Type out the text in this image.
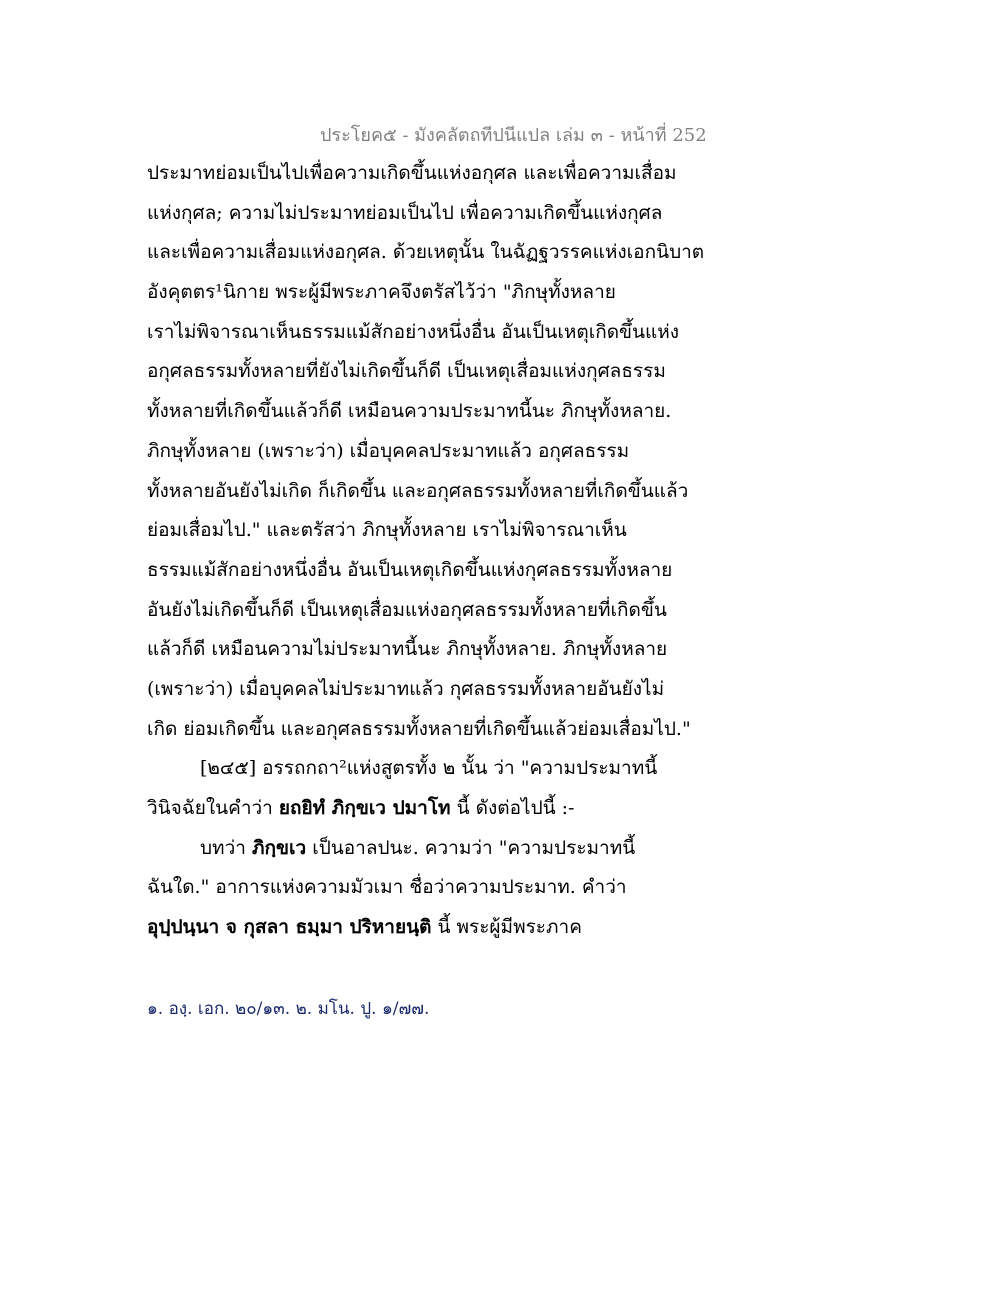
ประโยค๕ - มังคลัตถทีปนีแปล เล่ม ๓ - หน้าที่ 252
ประมาทย่อมเป็นไปเพื่อความเกิดขึ้นแห่งอกุศล และเพื่อความเสื่อม
แห่งกุศล; ความไม่ประมาทย่อมเป็นไป เพื่อความเกิดขึ้นแห่งกุศล
และเพื่อความเสื่อมแห่งอกุศล. ด้วยเหตุนั้น ในฉัฏฐวรรคแห่งเอกนิบาต
อังคุตตร¹นิกาย พระผู้มีพระภาคจึงตรัสไว้ว่า "ภิกษุทั้งหลาย
เราไม่พิจารณาเห็นธรรมแม้สักอย่างหนึ่งอื่น อันเป็นเหตุเกิดขึ้นแห่ง
อกุศลธรรมทั้งหลายที่ยังไม่เกิดขึ้นก็ดี เป็นเหตุเสื่อมแห่งกุศลธรรม
ทั้งหลายที่เกิดขึ้นแล้วก็ดี เหมือนความประมาทนี้นะ ภิกษุทั้งหลาย.
ภิกษุทั้งหลาย (เพราะว่า) เมื่อบุคคลประมาทแล้ว อกุศลธรรม
ทั้งหลายอันยังไม่เกิด ก็เกิดขึ้น และอกุศลธรรมทั้งหลายที่เกิดขึ้นแล้ว
ย่อมเสื่อมไป." และตรัสว่า ภิกษุทั้งหลาย เราไม่พิจารณาเห็น
ธรรมแม้สักอย่างหนึ่งอื่น อันเป็นเหตุเกิดขึ้นแห่งกุศลธรรมทั้งหลาย
อันยังไม่เกิดขึ้นก็ดี เป็นเหตุเสื่อมแห่งอกุศลธรรมทั้งหลายที่เกิดขึ้น
แล้วก็ดี เหมือนความไม่ประมาทนี้นะ ภิกษุทั้งหลาย. ภิกษุทั้งหลาย
(เพราะว่า) เมื่อบุคคลไม่ประมาทแล้ว กุศลธรรมทั้งหลายอันยังไม่
เกิด ย่อมเกิดขึ้น และอกุศลธรรมทั้งหลายที่เกิดขึ้นแล้วย่อมเสื่อมไป."
[๒๔๕] อรรถกถา²แห่งสูตรทั้ง ๒ นั้น ว่า "ความประมาทนี้
วินิจฉัยในคำว่า ยถยิทํ ภิกฺขเว ปมาโท นี้ ดังต่อไปนี้ :-
บทว่า ภิกฺขเว เป็นอาลปนะ. ความว่า "ความประมาทนี้
ฉันใด." อาการแห่งความมัวเมา ชื่อว่าความประมาท. คำว่า
อุปฺปนฺนา จ กุสลา ธมฺมา ปริหายนฺติ นี้ พระผู้มีพระภาค
๑. องฺ. เอก. ๒๐/๑๓. ๒. มโน. ปู. ๑/๗๗.
